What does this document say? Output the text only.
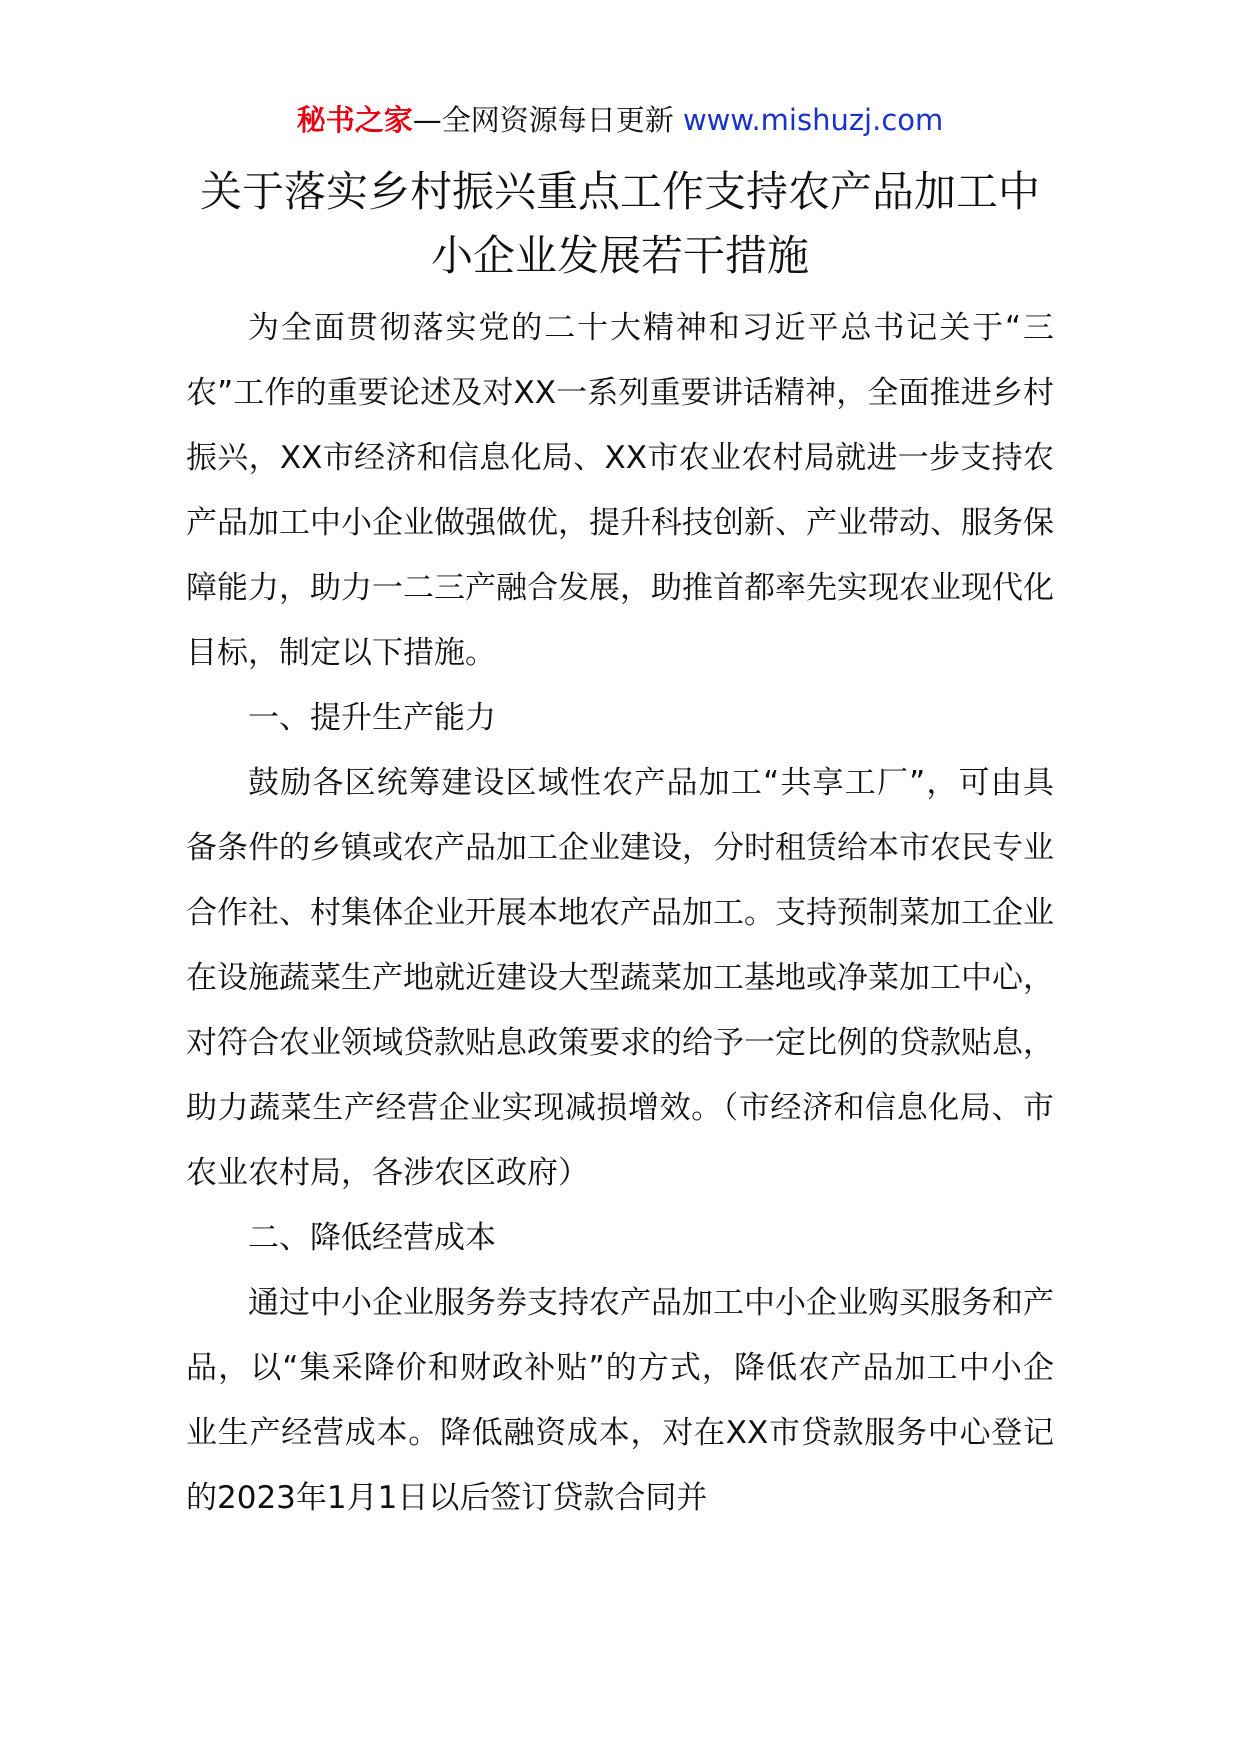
秘书之家—全网资源每日更新 www.mishuzj.com
关于落实乡村振兴重点工作支持农产品加工中小企业发展若干措施

为全面贯彻落实党的二十大精神和习近平总书记关于“三农”工作的重要论述及对XX一系列重要讲话精神，全面推进乡村振兴，XX市经济和信息化局、XX市农业农村局就进一步支持农产品加工中小企业做强做优，提升科技创新、产业带动、服务保障能力，助力一二三产融合发展，助推首都率先实现农业现代化目标，制定以下措施。

一、提升生产能力

鼓励各区统筹建设区域性农产品加工“共享工厂”，可由具备条件的乡镇或农产品加工企业建设，分时租赁给本市农民专业合作社、村集体企业开展本地农产品加工。支持预制菜加工企业在设施蔬菜生产地就近建设大型蔬菜加工基地或净菜加工中心，对符合农业领域贷款贴息政策要求的给予一定比例的贷款贴息，助力蔬菜生产经营企业实现减损增效。（市经济和信息化局、市农业农村局，各涉农区政府）

二、降低经营成本

通过中小企业服务券支持农产品加工中小企业购买服务和产品，以“集采降价和财政补贴”的方式，降低农产品加工中小企业生产经营成本。降低融资成本，对在XX市贷款服务中心登记的2023年1月1日以后签订贷款合同并
